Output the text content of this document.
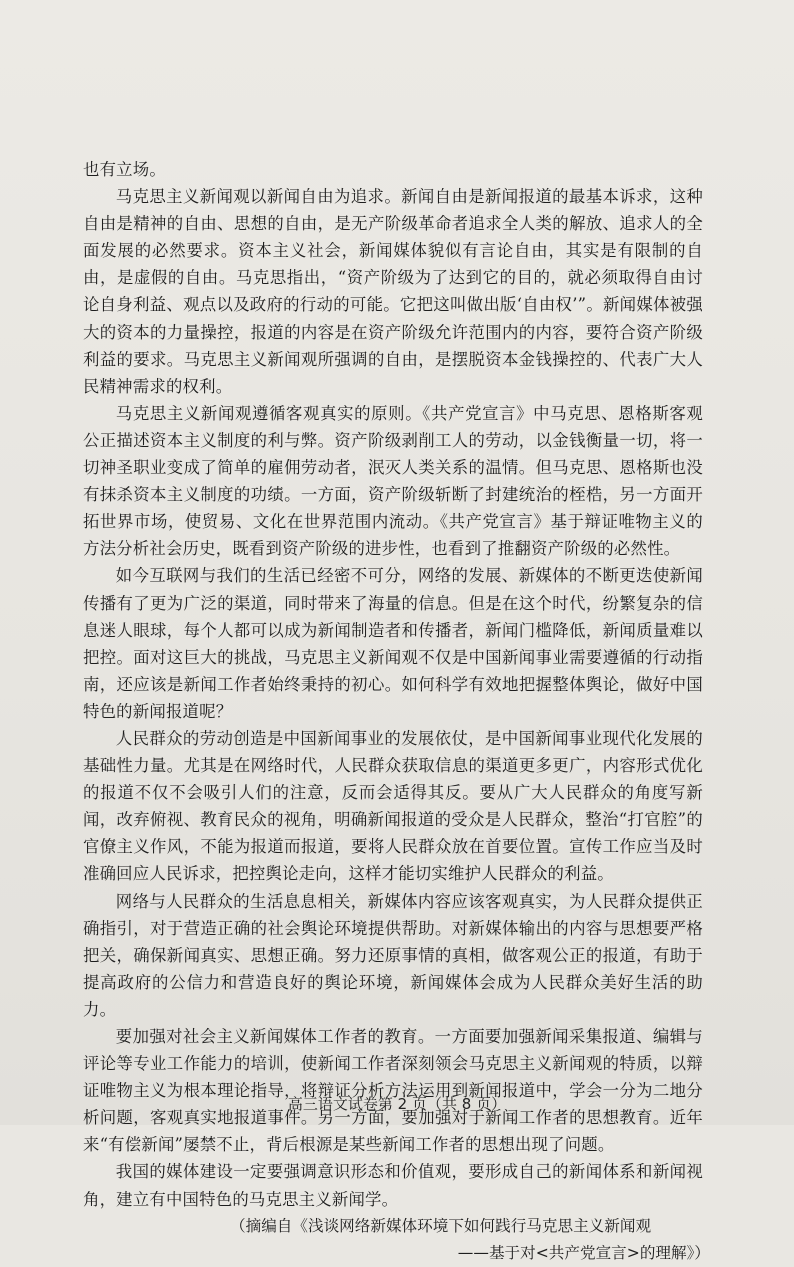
也有立场。

马克思主义新闻观以新闻自由为追求。新闻自由是新闻报道的最基本诉求，这种自由是精神的自由、思想的自由，是无产阶级革命者追求全人类的解放、追求人的全面发展的必然要求。资本主义社会，新闻媒体貌似有言论自由，其实是有限制的自由，是虚假的自由。马克思指出，“资产阶级为了达到它的目的，就必须取得自由讨论自身利益、观点以及政府的行动的可能。它把这叫做出版‘自由权’”。新闻媒体被强大的资本的力量操控，报道的内容是在资产阶级允许范围内的内容，要符合资产阶级利益的要求。马克思主义新闻观所强调的自由，是摆脱资本金钱操控的、代表广大人民精神需求的权利。

马克思主义新闻观遵循客观真实的原则。《共产党宣言》中马克思、恩格斯客观公正描述资本主义制度的利与弊。资产阶级剥削工人的劳动，以金钱衡量一切，将一切神圣职业变成了简单的雇佣劳动者，泯灭人类关系的温情。但马克思、恩格斯也没有抹杀资本主义制度的功绩。一方面，资产阶级斩断了封建统治的桎梏，另一方面开拓世界市场，使贸易、文化在世界范围内流动。《共产党宣言》基于辩证唯物主义的方法分析社会历史，既看到资产阶级的进步性，也看到了推翻资产阶级的必然性。

如今互联网与我们的生活已经密不可分，网络的发展、新媒体的不断更迭使新闻传播有了更为广泛的渠道，同时带来了海量的信息。但是在这个时代，纷繁复杂的信息迷人眼球，每个人都可以成为新闻制造者和传播者，新闻门槛降低，新闻质量难以把控。面对这巨大的挑战，马克思主义新闻观不仅是中国新闻事业需要遵循的行动指南，还应该是新闻工作者始终秉持的初心。如何科学有效地把握整体舆论，做好中国特色的新闻报道呢？

人民群众的劳动创造是中国新闻事业的发展依仗，是中国新闻事业现代化发展的基础性力量。尤其是在网络时代，人民群众获取信息的渠道更多更广，内容形式优化的报道不仅不会吸引人们的注意，反而会适得其反。要从广大人民群众的角度写新闻，改弃俯视、教育民众的视角，明确新闻报道的受众是人民群众，整治“打官腔”的官僚主义作风，不能为报道而报道，要将人民群众放在首要位置。宣传工作应当及时准确回应人民诉求，把控舆论走向，这样才能切实维护人民群众的利益。

网络与人民群众的生活息息相关，新媒体内容应该客观真实，为人民群众提供正确指引，对于营造正确的社会舆论环境提供帮助。对新媒体输出的内容与思想要严格把关，确保新闻真实、思想正确。努力还原事情的真相，做客观公正的报道，有助于提高政府的公信力和营造良好的舆论环境，新闻媒体会成为人民群众美好生活的助力。

要加强对社会主义新闻媒体工作者的教育。一方面要加强新闻采集报道、编辑与评论等专业工作能力的培训，使新闻工作者深刻领会马克思主义新闻观的特质，以辩证唯物主义为根本理论指导，将辩证分析方法运用到新闻报道中，学会一分为二地分析问题，客观真实地报道事件。另一方面，要加强对于新闻工作者的思想教育。近年来“有偿新闻”屡禁不止，背后根源是某些新闻工作者的思想出现了问题。

我国的媒体建设一定要强调意识形态和价值观，要形成自己的新闻体系和新闻视角，建立有中国特色的马克思主义新闻学。

（摘编自《浅谈网络新媒体环境下如何践行马克思主义新闻观
——基于对<共产党宣言>的理解》）
高三语文试卷第 2 页（共 8 页）
